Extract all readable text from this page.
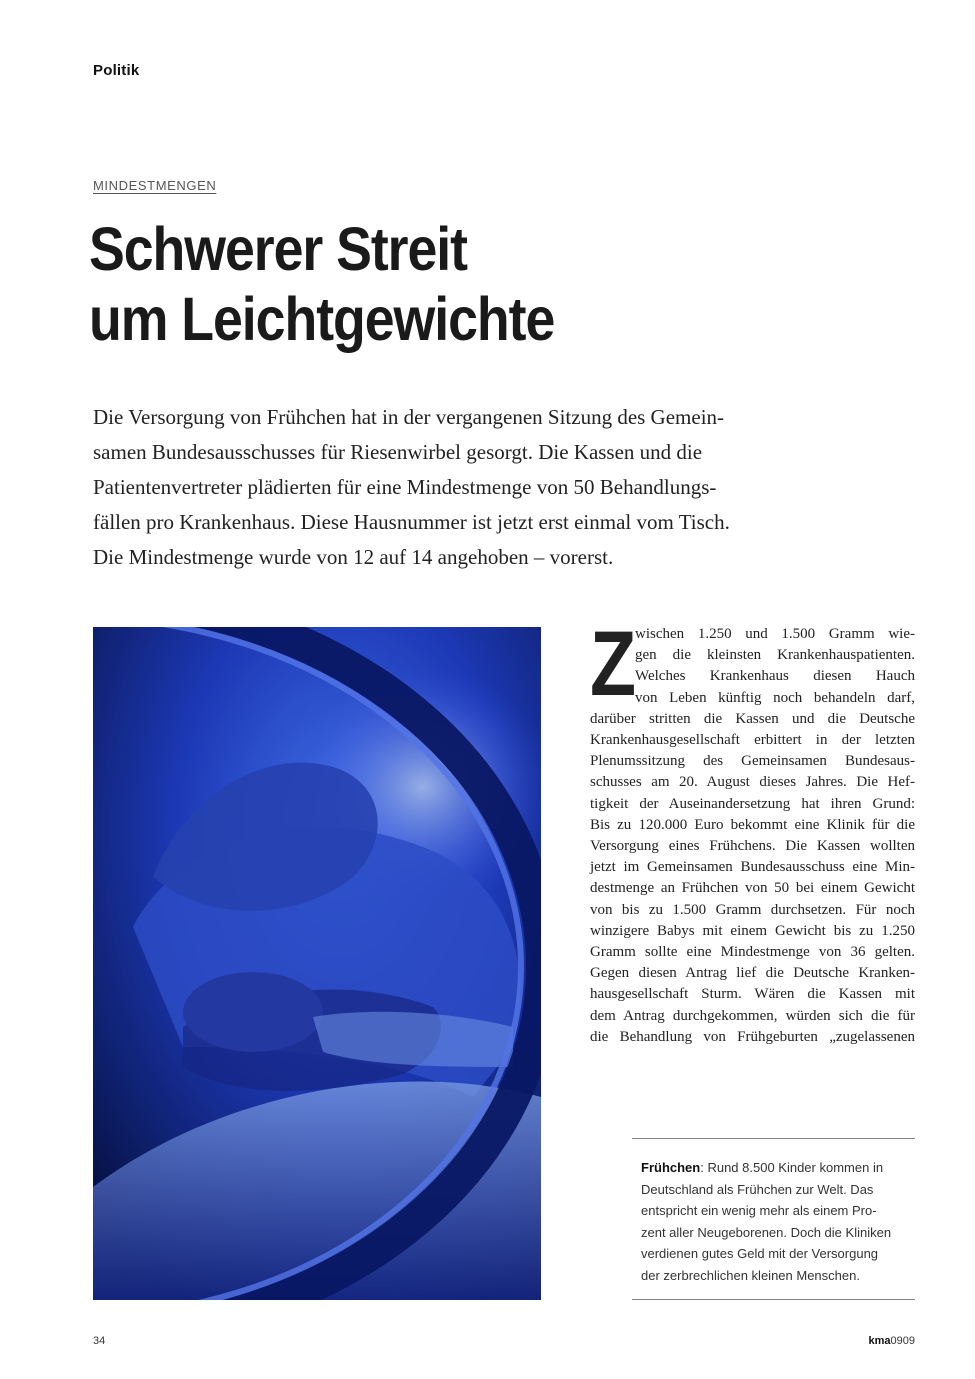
Politik
MINDESTMENGEN
Schwerer Streit
um Leichtgewichte
Die Versorgung von Frühchen hat in der vergangenen Sitzung des Gemein-
samen Bundesausschusses für Riesenwirbel gesorgt. Die Kassen und die
Patientenvertreter plädierten für eine Mindestmenge von 50 Behandlungs-
fällen pro Krankenhaus. Diese Hausnummer ist jetzt erst einmal vom Tisch.
Die Mindestmenge wurde von 12 auf 14 angehoben – vorerst.
Z
wischen 1.250 und 1.500 Gramm wie-
gen die kleinsten Krankenhauspatienten.
Welches Krankenhaus diesen Hauch
von Leben künftig noch behandeln darf,
darüber stritten die Kassen und die Deutsche
Krankenhausgesellschaft erbittert in der letzten
Plenumssitzung des Gemeinsamen Bundesaus-
schusses am 20. August dieses Jahres. Die Hef-
tigkeit der Auseinandersetzung hat ihren Grund:
Bis zu 120.000 Euro bekommt eine Klinik für die
Versorgung eines Frühchens. Die Kassen wollten
jetzt im Gemeinsamen Bundesausschuss eine Min-
destmenge an Frühchen von 50 bei einem Gewicht
von bis zu 1.500 Gramm durchsetzen. Für noch
winzigere Babys mit einem Gewicht bis zu 1.250
Gramm sollte eine Mindestmenge von 36 gelten.
Gegen diesen Antrag lief die Deutsche Kranken-
hausgesellschaft Sturm. Wären die Kassen mit
dem Antrag durchgekommen, würden sich die für
die Behandlung von Frühgeburten „zugelassenen
Frühchen: Rund 8.500 Kinder kommen in
Deutschland als Frühchen zur Welt. Das
entspricht ein wenig mehr als einem Pro-
zent aller Neugeborenen. Doch die Kliniken
verdienen gutes Geld mit der Versorgung
der zerbrechlichen kleinen Menschen.
34	kma0909
